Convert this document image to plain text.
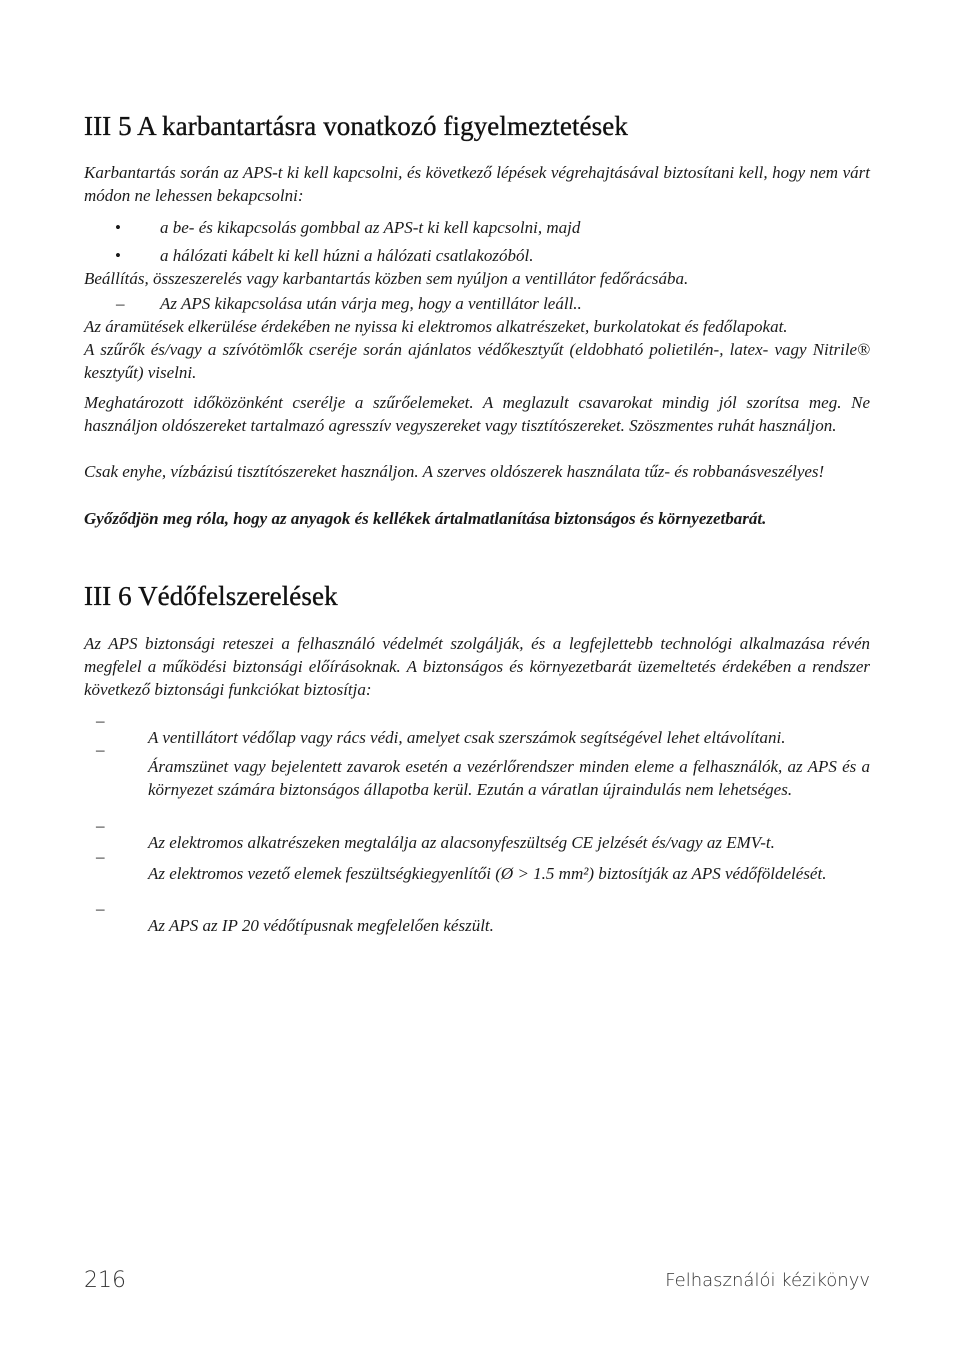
III 5 A karbantartásra vonatkozó figyelmeztetések

Karbantartás során az APS-t ki kell kapcsolni, és következő lépések végrehajtásával biztosítani kell, hogy nem várt módon ne lehessen bekapcsolni:

• a be- és kikapcsolás gombbal az APS-t ki kell kapcsolni, majd
• a hálózati kábelt ki kell húzni a hálózati csatlakozóból.
Beállítás, összeszerelés vagy karbantartás közben sem nyúljon a ventillátor fedőrácsába.
– Az APS kikapcsolása után várja meg, hogy a ventillátor leáll..
Az áramütések elkerülése érdekében ne nyissa ki elektromos alkatrészeket, burkolatokat és fedőlapokat.

A szűrők és/vagy a szívótömlők cseréje során ajánlatos védőkesztyűt (eldobható polietilén-, latex- vagy Nitrile® kesztyűt) viselni.

Meghatározott időközönként cserélje a szűrőelemeket. A meglazult csavarokat mindig jól szorítsa meg. Ne használjon oldószereket tartalmazó agresszív vegyszereket vagy tisztítószereket. Szöszmentes ruhát használjon.

Csak enyhe, vízbázisú tisztítószereket használjon. A szerves oldószerek használata tűz- és robbanásveszélyes!

Győződjön meg róla, hogy az anyagok és kellékek ártalmatlanítása biztonságos és környezetbarát.

III 6 Védőfelszerelések

Az APS biztonsági reteszei a felhasználó védelmét szolgálják, és a legfejlettebb technológi alkalmazása révén megfelel a működési biztonsági előírásoknak. A biztonságos és környezetbarát üzemeltetés érdekében a rendszer következő biztonsági funkciókat biztosítja:

–

A ventillátort védőlap vagy rács védi, amelyet csak szerszámok segítségével lehet eltávolítani.

–

Áramszünet vagy bejelentett zavarok esetén a vezérlőrendszer minden eleme a felhasználók, az APS és a környezet számára biztonságos állapotba kerül. Ezután a váratlan újraindulás nem lehetséges.

–

Az elektromos alkatrészeken megtalálja az alacsonyfeszültség CE jelzését és/vagy az EMV-t.

–

Az elektromos vezető elemek feszültségkiegyenlítői (Ø > 1.5 mm²) biztosítják az APS védőföldelését.

–

Az APS az IP 20 védőtípusnak megfelelően készült.

216	Felhasználói kézikönyv
